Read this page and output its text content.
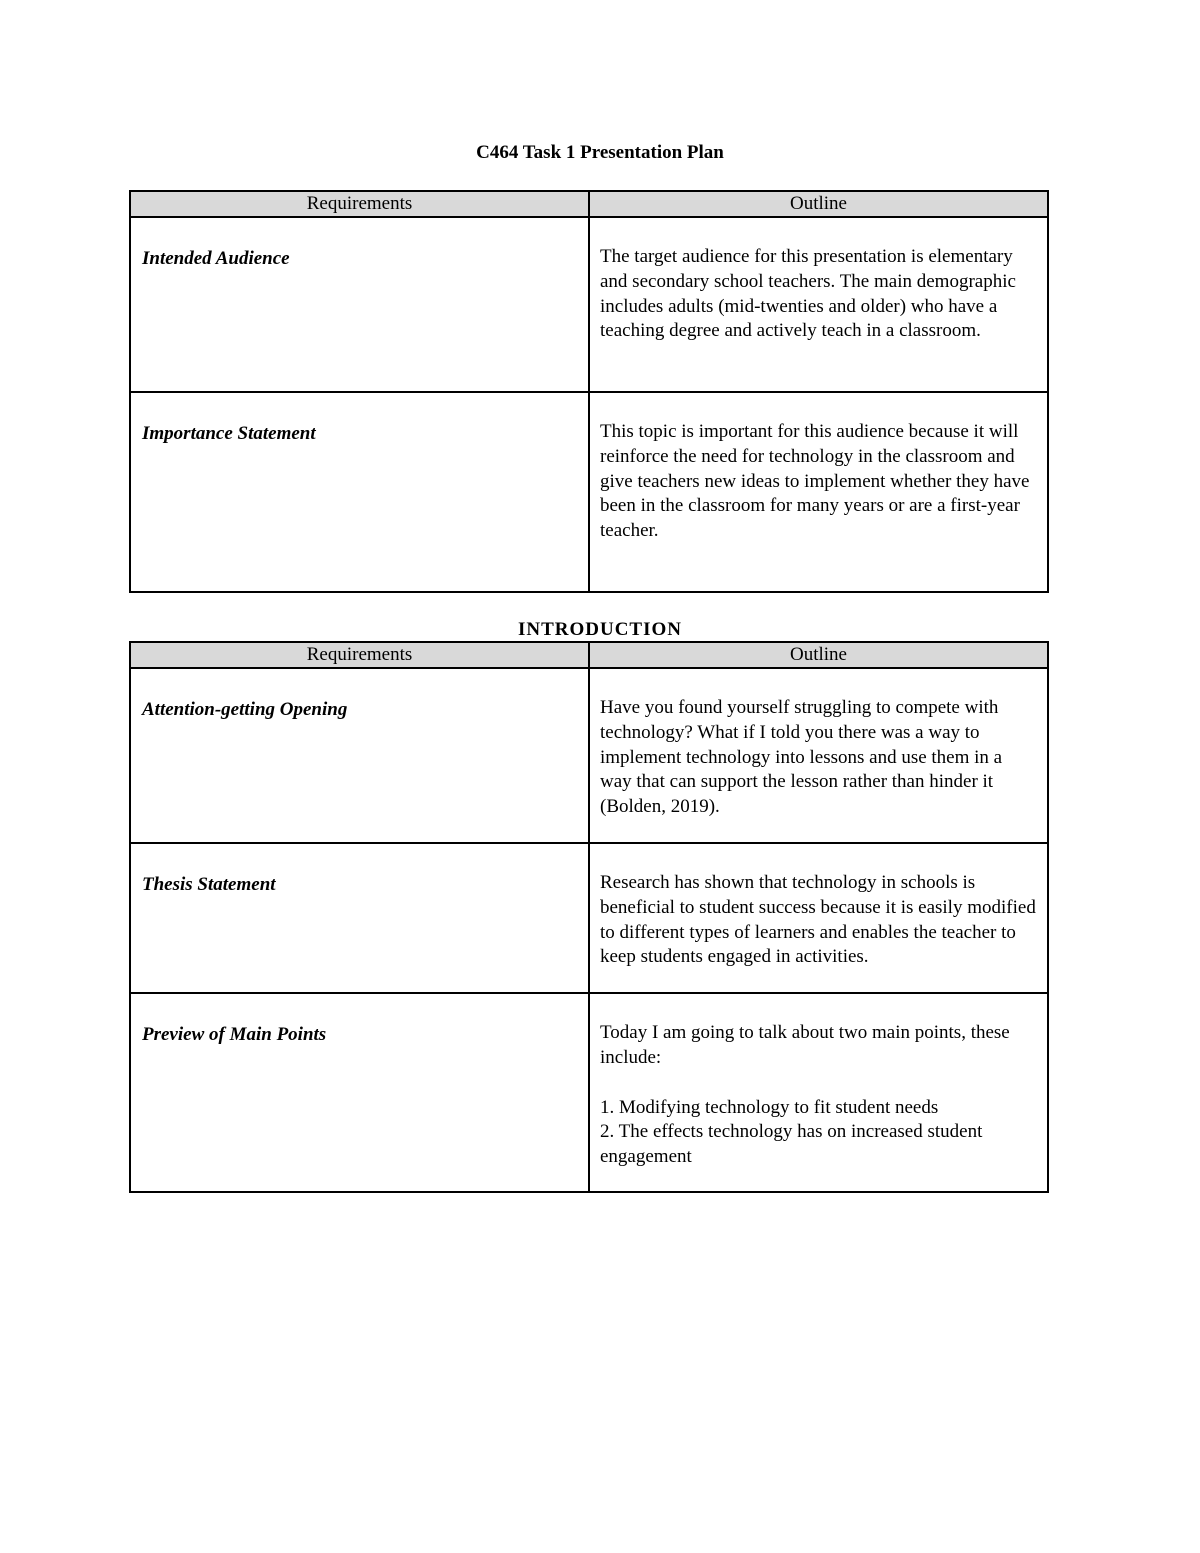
C464 Task 1 Presentation Plan
Requirements	Outline
Intended Audience	The target audience for this presentation is elementary and secondary school teachers. The main demographic includes adults (mid-twenties and older) who have a teaching degree and actively teach in a classroom.

Importance Statement	This topic is important for this audience because it will reinforce the need for technology in the classroom and give teachers new ideas to implement whether they have been in the classroom for many years or are a first-year teacher.

INTRODUCTION
Requirements	Outline
Attention-getting Opening	Have you found yourself struggling to compete with technology? What if I told you there was a way to implement technology into lessons and use them in a way that can support the lesson rather than hinder it (Bolden, 2019).

Thesis Statement	Research has shown that technology in schools is beneficial to student success because it is easily modified to different types of learners and enables the teacher to keep students engaged in activities.

Preview of Main Points	Today I am going to talk about two main points, these include:

1. Modifying technology to fit student needs

2. The effects technology has on increased student engagement
